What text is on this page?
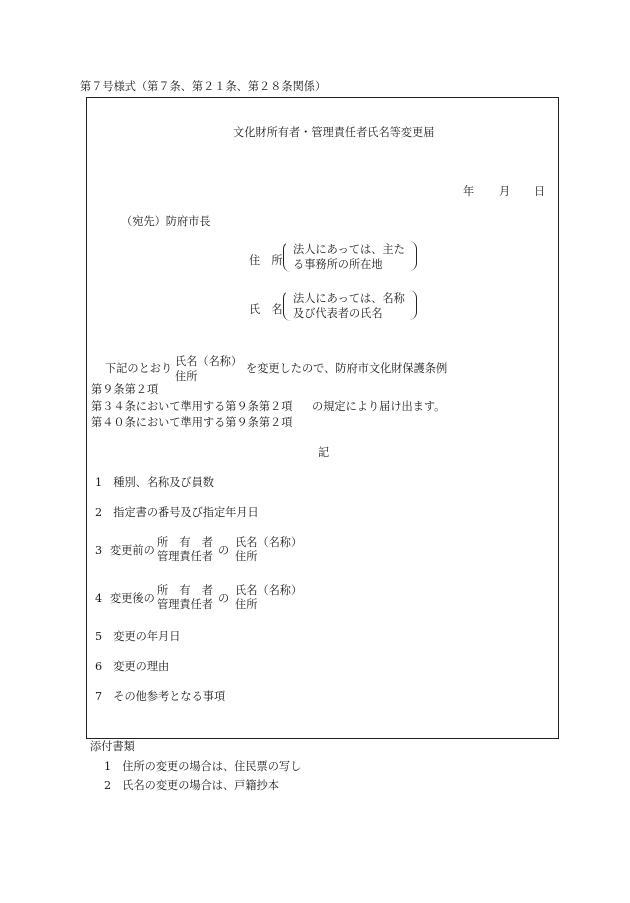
第７号様式（第７条、第２１条、第２８条関係）
文化財所有者・管理責任者氏名等変更届
年 月 日
（宛先）防府市長
住　所
法人にあっては、主た
る事務所の所在地
氏　名
法人にあっては、名称
及び代表者の氏名
下記のとおり
氏名（名称）
住所
を変更したので、防府市文化財保護条例
第９条第２項
第３４条において準用する第９条第２項 の規定により届け出ます。
第４０条において準用する第９条第２項
記
1　種別、名称及び員数
2　指定書の番号及び指定年月日
3 変更前の
所　有　者
管理責任者 の
氏名（名称）
住所
4 変更後の
所　有　者
管理責任者 の
氏名（名称）
住所
5　変更の年月日
6　変更の理由
7　その他参考となる事項
添付書類
1　住所の変更の場合は、住民票の写し
2　氏名の変更の場合は、戸籍抄本
